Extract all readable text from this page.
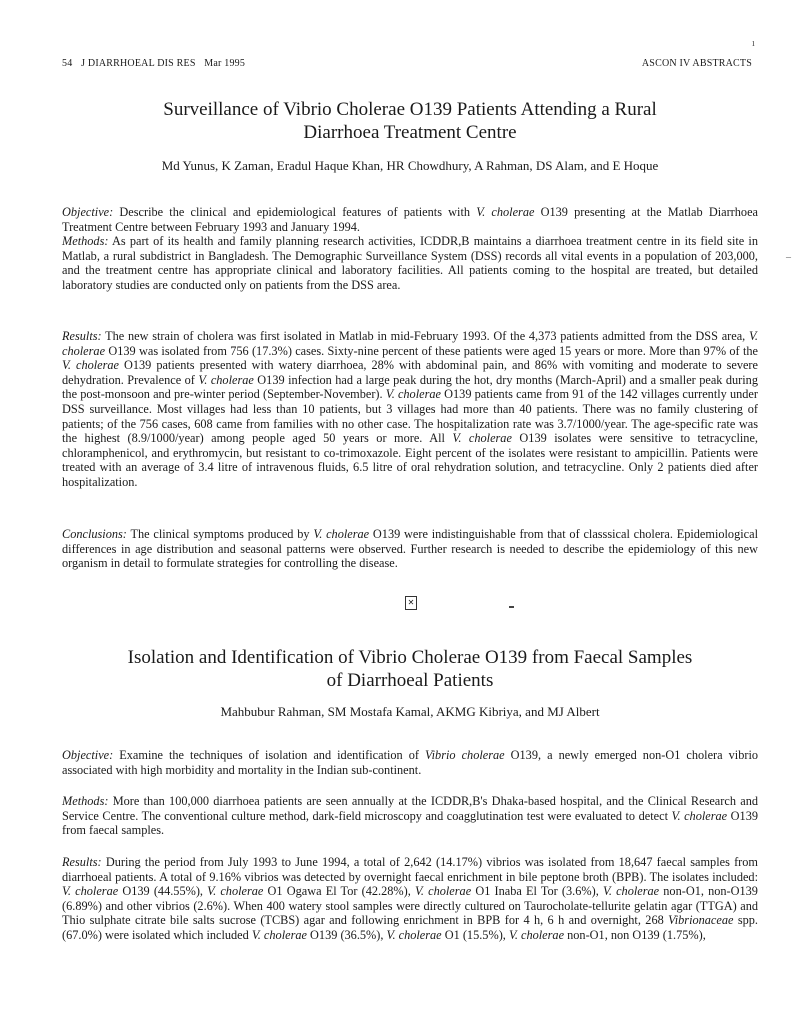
54 J DIARRHOEAL DIS RES Mar 1995	ASCON IV ABSTRACTS
ı
–
Surveillance of Vibrio Cholerae O139 Patients Attending a Rural
Diarrhoea Treatment Centre
Md Yunus, K Zaman, Eradul Haque Khan, HR Chowdhury, A Rahman, DS Alam, and E Hoque
Objective: Describe the clinical and epidemiological features of patients with V. cholerae O139 presenting at the Matlab Diarrhoea Treatment Centre between February 1993 and January 1994.
Methods: As part of its health and family planning research activities, ICDDR,B maintains a diarrhoea treatment centre in its field site in Matlab, a rural subdistrict in Bangladesh. The Demographic Surveillance System (DSS) records all vital events in a population of 203,000, and the treatment centre has appropriate clinical and laboratory facilities. All patients coming to the hospital are treated, but detailed laboratory studies are conducted only on patients from the DSS area.
Results: The new strain of cholera was first isolated in Matlab in mid-February 1993. Of the 4,373 patients admitted from the DSS area, V. cholerae O139 was isolated from 756 (17.3%) cases. Sixty-nine percent of these patients were aged 15 years or more. More than 97% of the V. cholerae O139 patients presented with watery diarrhoea, 28% with abdominal pain, and 86% with vomiting and moderate to severe dehydration. Prevalence of V. cholerae O139 infection had a large peak during the hot, dry months (March-April) and a smaller peak during the post-monsoon and pre-winter period (September-November). V. cholerae O139 patients came from 91 of the 142 villages currently under DSS surveillance. Most villages had less than 10 patients, but 3 villages had more than 40 patients. There was no family clustering of patients; of the 756 cases, 608 came from families with no other case. The hospitalization rate was 3.7/1000/year. The age-specific rate was the highest (8.9/1000/year) among people aged 50 years or more. All V. cholerae O139 isolates were sensitive to tetracycline, chloramphenicol, and erythromycin, but resistant to co-trimoxazole. Eight percent of the isolates were resistant to ampicillin. Patients were treated with an average of 3.4 litre of intravenous fluids, 6.5 litre of oral rehydration solution, and tetracycline. Only 2 patients died after hospitalization.
Conclusions: The clinical symptoms produced by V. cholerae O139 were indistinguishable from that of classsical cholera. Epidemiological differences in age distribution and seasonal patterns were observed. Further research is needed to describe the epidemiology of this new organism in detail to formulate strategies for controlling the disease.
✕
Isolation and Identification of Vibrio Cholerae O139 from Faecal Samples
of Diarrhoeal Patients
Mahbubur Rahman, SM Mostafa Kamal, AKMG Kibriya, and MJ Albert
Objective: Examine the techniques of isolation and identification of Vibrio cholerae O139, a newly emerged non-O1 cholera vibrio associated with high morbidity and mortality in the Indian sub-continent.
Methods: More than 100,000 diarrhoea patients are seen annually at the ICDDR,B's Dhaka-based hospital, and the Clinical Research and Service Centre. The conventional culture method, dark-field microscopy and coagglutination test were evaluated to detect V. cholerae O139 from faecal samples.
Results: During the period from July 1993 to June 1994, a total of 2,642 (14.17%) vibrios was isolated from 18,647 faecal samples from diarrhoeal patients. A total of 9.16% vibrios was detected by overnight faecal enrichment in bile peptone broth (BPB). The isolates included: V. cholerae O139 (44.55%), V. cholerae O1 Ogawa El Tor (42.28%), V. cholerae O1 Inaba El Tor (3.6%), V. cholerae non-O1, non-O139 (6.89%) and other vibrios (2.6%). When 400 watery stool samples were directly cultured on Taurocholate-tellurite gelatin agar (TTGA) and Thio sulphate citrate bile salts sucrose (TCBS) agar and following enrichment in BPB for 4 h, 6 h and overnight, 268 Vibrionaceae spp. (67.0%) were isolated which included V. cholerae O139 (36.5%), V. cholerae O1 (15.5%), V. cholerae non-O1, non O139 (1.75%),
